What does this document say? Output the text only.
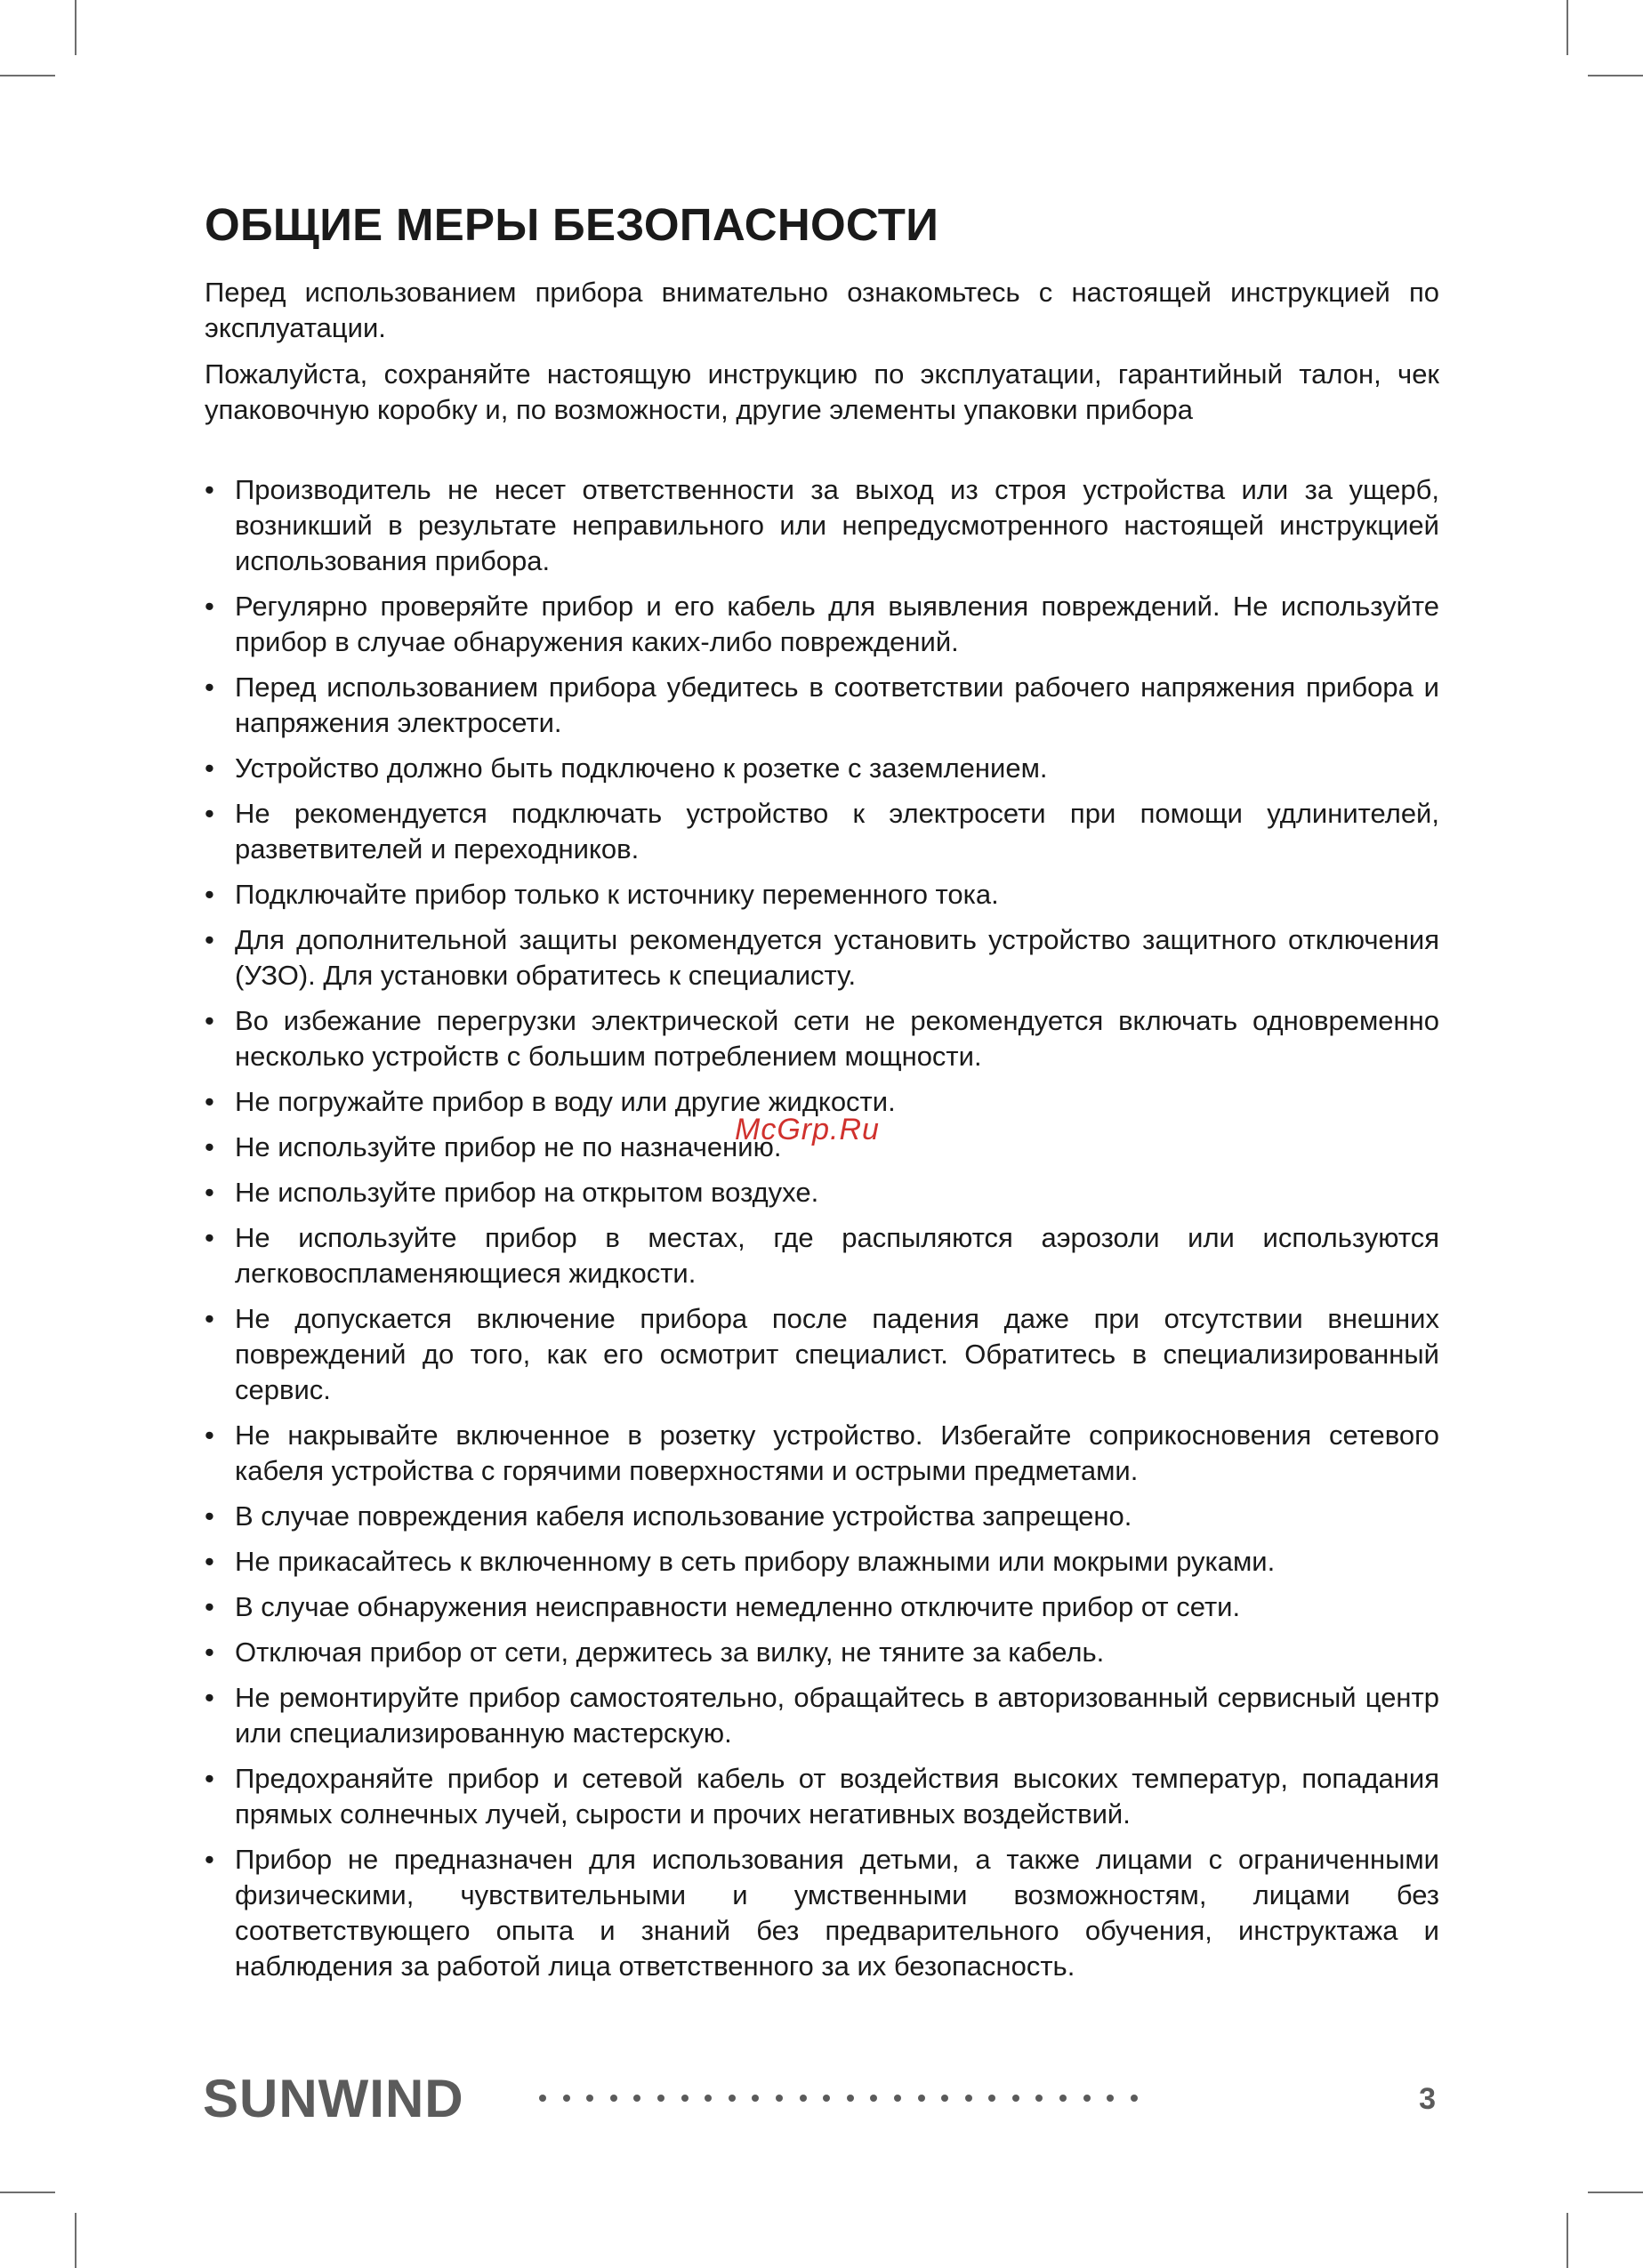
ОБЩИЕ МЕРЫ БЕЗОПАСНОСТИ

Перед использованием прибора внимательно ознакомьтесь с настоящей инструкцией по эксплуатации.

Пожалуйста, сохраняйте настоящую инструкцию по эксплуатации, гарантийный талон, чек упаковочную коробку и, по возможности, другие элементы упаковки прибора

• Производитель не несет ответственности за выход из строя устройства или за ущерб, возникший в результате неправильного или непредусмотренного настоящей инструкцией использования прибора.
• Регулярно проверяйте прибор и его кабель для выявления повреждений. Не используйте прибор в случае обнаружения каких-либо повреждений.
• Перед использованием прибора убедитесь в соответствии рабочего напряжения прибора и напряжения электросети.
• Устройство должно быть подключено к розетке с заземлением.
• Не рекомендуется подключать устройство к электросети при помощи удлинителей, разветвителей и переходников.
• Подключайте прибор только к источнику переменного тока.
• Для дополнительной защиты рекомендуется установить устройство защитного отключения (УЗО). Для установки обратитесь к специалисту.
• Во избежание перегрузки электрической сети не рекомендуется включать одновременно несколько устройств с большим потреблением мощности.
• Не погружайте прибор в воду или другие жидкости.
• Не используйте прибор не по назначению.
• Не используйте прибор на открытом воздухе.
• Не используйте прибор в местах, где распыляются аэрозоли или используются легковоспламеняющиеся жидкости.
• Не допускается включение прибора после падения даже при отсутствии внешних повреждений до того, как его осмотрит специалист. Обратитесь в специализированный сервис.
• Не накрывайте включенное в розетку устройство. Избегайте соприкосновения сетевого кабеля устройства с горячими поверхностями и острыми предметами.
• В случае повреждения кабеля использование устройства запрещено.
• Не прикасайтесь к включенному в сеть прибору влажными или мокрыми руками.
• В случае обнаружения неисправности немедленно отключите прибор от сети.
• Отключая прибор от сети, держитесь за вилку, не тяните за кабель.
• Не ремонтируйте прибор самостоятельно, обращайтесь в авторизованный сервисный центр или специализированную мастерскую.
• Предохраняйте прибор и сетевой кабель от воздействия высоких температур, попадания прямых солнечных лучей, сырости и прочих негативных воздействий.
• Прибор не предназначен для использования детьми, а также лицами с ограниченными физическими, чувствительными и умственными возможностям, лицами без соответствующего опыта и знаний без предварительного обучения, инструктажа и наблюдения за работой лица ответственного за их безопасность.
McGrp.Ru
SUNWIND	3
